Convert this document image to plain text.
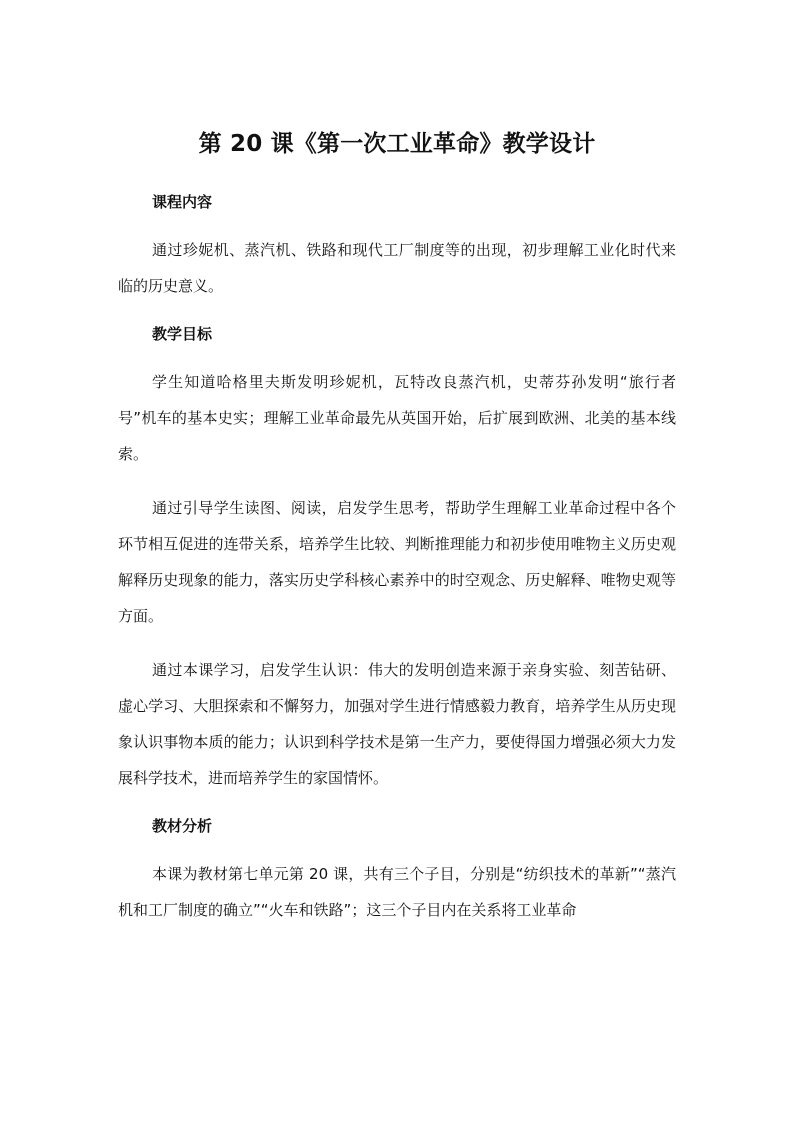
第 20 课《第一次工业革命》教学设计
课程内容

通过珍妮机、蒸汽机、铁路和现代工厂制度等的出现，初步理解工业化时代来临的历史意义。

教学目标

学生知道哈格里夫斯发明珍妮机，瓦特改良蒸汽机，史蒂芬孙发明“旅行者号”机车的基本史实；理解工业革命最先从英国开始，后扩展到欧洲、北美的基本线索。

通过引导学生读图、阅读，启发学生思考，帮助学生理解工业革命过程中各个环节相互促进的连带关系，培养学生比较、判断推理能力和初步使用唯物主义历史观解释历史现象的能力，落实历史学科核心素养中的时空观念、历史解释、唯物史观等方面。

通过本课学习，启发学生认识：伟大的发明创造来源于亲身实验、刻苦钻研、虚心学习、大胆探索和不懈努力，加强对学生进行情感毅力教育，培养学生从历史现象认识事物本质的能力；认识到科学技术是第一生产力，要使得国力增强必须大力发展科学技术，进而培养学生的家国情怀。

教材分析

本课为教材第七单元第 20 课，共有三个子目，分别是“纺织技术的革新”“蒸汽机和工厂制度的确立”“火车和铁路”；这三个子目内在关系将工业革命
